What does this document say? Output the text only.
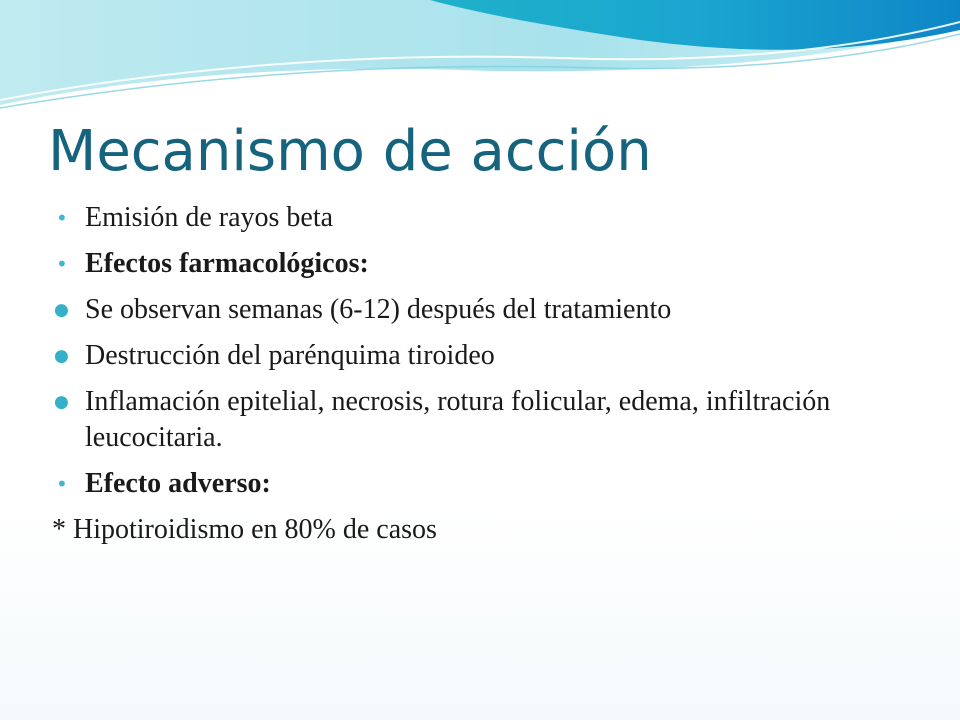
Mecanismo de acción
• Emisión de rayos beta
• Efectos farmacológicos:
● Se observan semanas (6-12) después del tratamiento
● Destrucción del parénquima tiroideo
● Inflamación epitelial, necrosis, rotura folicular, edema, infiltración leucocitaria.
• Efecto adverso:
* Hipotiroidismo en 80% de casos
